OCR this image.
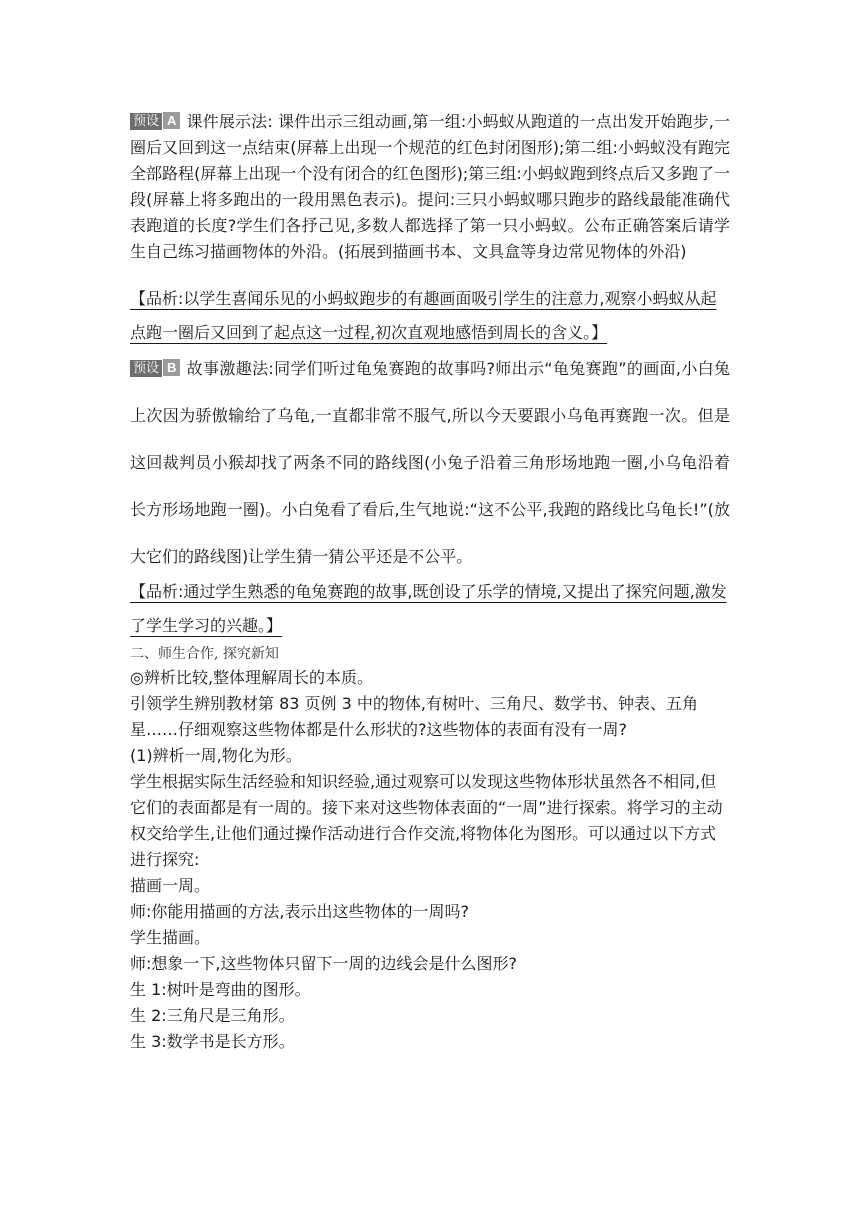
预设 A 课件展示法: 课件出示三组动画,第一组:小蚂蚁从跑道的一点出发开始跑步,一圈后又回到这一点结束(屏幕上出现一个规范的红色封闭图形);第二组:小蚂蚁没有跑完全部路程(屏幕上出现一个没有闭合的红色图形);第三组:小蚂蚁跑到终点后又多跑了一段(屏幕上将多跑出的一段用黑色表示)。提问:三只小蚂蚁哪只跑步的路线最能准确代表跑道的长度?学生们各抒己见,多数人都选择了第一只小蚂蚁。公布正确答案后请学生自己练习描画物体的外沿。(拓展到描画书本、文具盒等身边常见物体的外沿)

【品析:以学生喜闻乐见的小蚂蚁跑步的有趣画面吸引学生的注意力,观察小蚂蚁从起点跑一圈后又回到了起点这一过程,初次直观地感悟到周长的含义。】

预设 B 故事激趣法:同学们听过龟兔赛跑的故事吗?师出示“龟兔赛跑”的画面,小白兔上次因为骄傲输给了乌龟,一直都非常不服气,所以今天要跟小乌龟再赛跑一次。但是这回裁判员小猴却找了两条不同的路线图(小兔子沿着三角形场地跑一圈,小乌龟沿着长方形场地跑一圈)。小白兔看了看后,生气地说:“这不公平,我跑的路线比乌龟长!”(放大它们的路线图)让学生猜一猜公平还是不公平。

【品析:通过学生熟悉的龟兔赛跑的故事,既创设了乐学的情境,又提出了探究问题,激发了学生学习的兴趣。】

二、师生合作, 探究新知

◎辨析比较,整体理解周长的本质。

引领学生辨别教材第 83 页例 3 中的物体,有树叶、三角尺、数学书、钟表、五角星……仔细观察这些物体都是什么形状的?这些物体的表面有没有一周?

(1)辨析一周,物化为形。

学生根据实际生活经验和知识经验,通过观察可以发现这些物体形状虽然各不相同,但它们的表面都是有一周的。接下来对这些物体表面的“一周”进行探索。将学习的主动权交给学生,让他们通过操作活动进行合作交流,将物体化为图形。可以通过以下方式进行探究:

描画一周。

师:你能用描画的方法,表示出这些物体的一周吗?

学生描画。

师:想象一下,这些物体只留下一周的边线会是什么图形?

生 1:树叶是弯曲的图形。

生 2:三角尺是三角形。

生 3:数学书是长方形。
